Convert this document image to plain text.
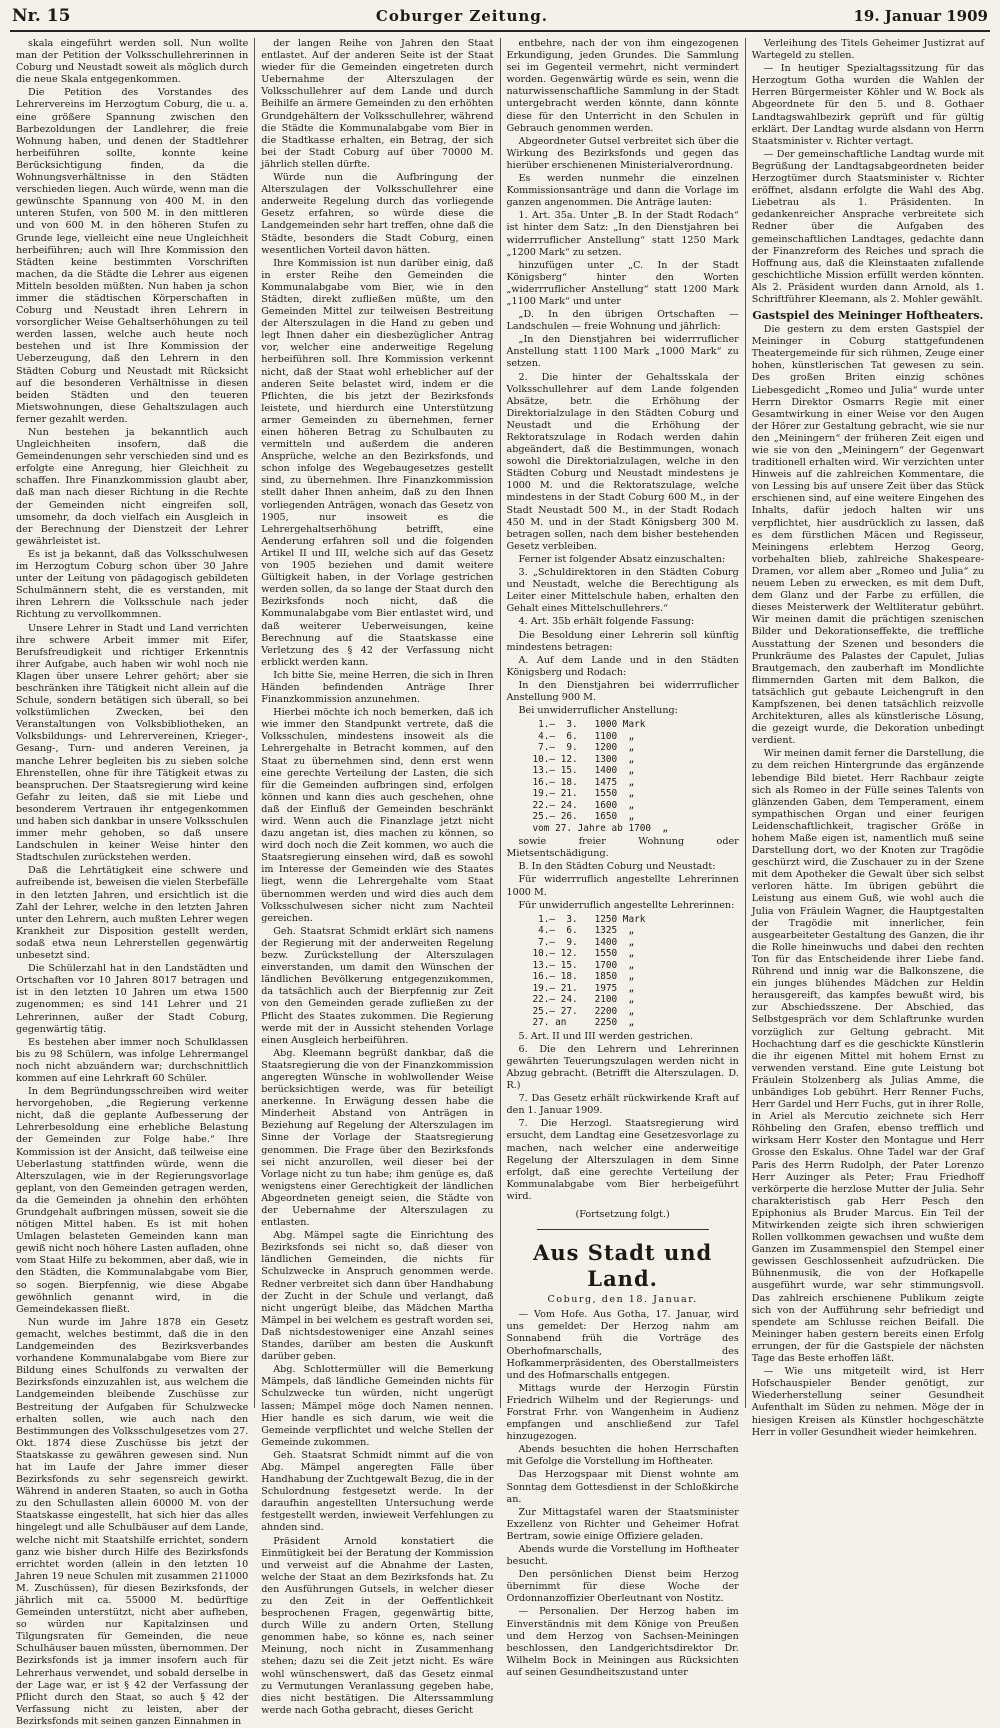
Nr. 15	Coburger Zeitung.	19. Januar 1909

skala eingeführt werden soll. Nun wollte man der Petition der Volksschullehrerinnen in Coburg und Neustadt soweit als möglich durch die neue Skala entgegenkommen.

Die Petition des Vorstandes des Lehrervereins im Herzogtum Coburg, die u. a. eine größere Spannung zwischen den Barbezoldungen der Landlehrer, die freie Wohnung haben, und denen der Stadtlehrer herbeiführen sollte, konnte keine Berücksichtigung finden, da die Wohnungsverhältnisse in den Städten verschieden liegen. Auch würde, wenn man die gewünschte Spannung von 400 M. in den unteren Stufen, von 500 M. in den mittleren und von 600 M. in den höheren Stufen zu Grunde lege, vielleicht eine neue Ungleichheit herbeiführen; auch will Ihre Kommission den Städten keine bestimmten Vorschriften machen, da die Städte die Lehrer aus eigenen Mitteln besolden müßten. Nun haben ja schon immer die städtischen Körperschaften in Coburg und Neustadt ihren Lehrern in vorsorglicher Weise Gehaltserhöhungen zu teil werden lassen, welche auch heute noch bestehen und ist Ihre Kommission der Ueberzeugung, daß den Lehrern in den Städten Coburg und Neustadt mit Rücksicht auf die besonderen Verhältnisse in diesen beiden Städten und den teueren Mietswohnungen, diese Gehaltszulagen auch ferner gezahlt werden.

Nun bestehen ja bekanntlich auch Ungleichheiten insofern, daß die Gemeindenungen sehr verschieden sind und es erfolgte eine Anregung, hier Gleichheit zu schaffen. Ihre Finanzkommission glaubt aber, daß man nach dieser Richtung in die Rechte der Gemeinden nicht eingreifen soll, umsomehr, da doch vielfach ein Ausgleich in der Berechnung der Dienstzeit der Lehrer gewährleistet ist.

Es ist ja bekannt, daß das Volksschulwesen im Herzogtum Coburg schon über 30 Jahre unter der Leitung von pädagogisch gebildeten Schulmännern steht, die es verstanden, mit ihren Lehrern die Volksschule nach jeder Richtung zu vervollkommnen.

Unsere Lehrer in Stadt und Land verrichten ihre schwere Arbeit immer mit Eifer, Berufsfreudigkeit und richtiger Erkenntnis ihrer Aufgabe, auch haben wir wohl noch nie Klagen über unsere Lehrer gehört; aber sie beschränken ihre Tätigkeit nicht allein auf die Schule, sondern betätigen sich überall, so bei volkstümlichen Zwecken, bei den Veranstaltungen von Volksbibliotheken, an Volksbildungs- und Lehrervereinen, Krieger-, Gesang-, Turn- und anderen Vereinen, ja manche Lehrer begleiten bis zu sieben solche Ehrenstellen, ohne für ihre Tätigkeit etwas zu beanspruchen. Der Staatsregierung wird keine Gefahr zu leiten, daß sie mit Liebe und besonderem Vertrauen ihr entgegenkommen und haben sich dankbar in unsere Volksschulen immer mehr gehoben, so daß unsere Landschulen in keiner Weise hinter den Stadtschulen zurückstehen werden.

Daß die Lehrtätigkeit eine schwere und aufreibende ist, beweisen die vielen Sterbefälle in den letzten Jahren, und ersichtlich ist die Zahl der Lehrer, welche in den letzten Jahren unter den Lehrern, auch mußten Lehrer wegen Krankheit zur Disposition gestellt werden, sodaß etwa neun Lehrerstellen gegenwärtig unbesetzt sind.

Die Schülerzahl hat in den Landstädten und Ortschaften vor 10 Jahren 8017 betragen und ist in den letzten 10 Jahren um etwa 1500 zugenommen; es sind 141 Lehrer und 21 Lehrerinnen, außer der Stadt Coburg, gegenwärtig tätig.

Es bestehen aber immer noch Schulklassen bis zu 98 Schülern, was infolge Lehrermangel noch nicht abzuändern war; durchschnittlich kommen auf eine Lehrkraft 60 Schüler.

In dem Begründungsschreiben wird weiter hervorgehoben, „die Regierung verkenne nicht, daß die geplante Aufbesserung der Lehrerbesoldung eine erhebliche Belastung der Gemeinden zur Folge habe.“ Ihre Kommission ist der Ansicht, daß teilweise eine Ueberlastung stattfinden würde, wenn die Alterszulagen, wie in der Regierungsvorlage geplant, von den Gemeinden getragen werden, da die Gemeinden ja ohnehin den erhöhten Grundgehalt aufbringen müssen, soweit sie die nötigen Mittel haben. Es ist mit hohen Umlagen belasteten Gemeinden kann man gewiß nicht noch höhere Lasten aufladen, ohne vom Staat Hilfe zu bekommen, aber daß, wie in den Städten, die Kommunalabgabe vom Bier, so sogen. Bierpfennig, wie diese Abgabe gewöhnlich genannt wird, in die Gemeindekassen fließt.

Nun wurde im Jahre 1878 ein Gesetz gemacht, welches bestimmt, daß die in den Landgemeinden des Bezirksverbandes vorhandene Kommunalabgabe vom Biere zur Bildung eines Schulfonds zu verwalten der Bezirksfonds einzuzahlen ist, aus welchem die Landgemeinden bleibende Zuschüsse zur Bestreitung der Aufgaben für Schulzwecke erhalten sollen, wie auch nach den Bestimmungen des Volksschulgesetzes vom 27. Okt. 1874 diese Zuschüsse bis jetzt der Staatskasse zu gewähren gewesen sind. Nun hat im Laufe der Jahre immer dieser Bezirksfonds zu sehr segensreich gewirkt. Während in anderen Staaten, so auch in Gotha zu den Schullasten allein 60000 M. von der Staatskasse eingestellt, hat sich hier das alles hingelegt und alle Schulbäuser auf dem Lande, welche nicht mit Staatshilfe errichtet, sondern ganz wie bisher durch Hilfe des Bezirksfonds errichtet worden (allein in den letzten 10 Jahren 19 neue Schulen mit zusammen 211000 M. Zuschüssen), für diesen Bezirksfonds, der jährlich mit ca. 55000 M. bedürftige Gemeinden unterstützt, nicht aber aufheben, so würden nur Kapitalzinsen und Tilgungsraten für Gemeinden, die neue Schulhäuser bauen müssten, übernommen. Der Bezirksfonds ist ja immer insofern auch für Lehrerhaus verwendet, und sobald derselbe in der Lage war, er ist § 42 der Verfassung der Pflicht durch den Staat, so auch § 42 der Verfassung nicht zu leisten, aber der Bezirksfonds mit seinen ganzen Einnahmen in

der langen Reihe von Jahren den Staat entlastet. Auf der anderen Seite ist der Staat wieder für die Gemeinden eingetreten durch Uebernahme der Alterszulagen der Volksschullehrer auf dem Lande und durch Beihilfe an ärmere Gemeinden zu den erhöhten Grundgehältern der Volksschullehrer, während die Städte die Kommunalabgabe vom Bier in die Stadtkasse erhalten, ein Betrag, der sich bei der Stadt Coburg auf über 70000 M. jährlich stellen dürfte.

Würde nun die Aufbringung der Alterszulagen der Volksschullehrer eine anderweite Regelung durch das vorliegende Gesetz erfahren, so würde diese die Landgemeinden sehr hart treffen, ohne daß die Städte, besonders die Stadt Coburg, einen wesentlichen Vorteil davon hätten.

Ihre Kommission ist nun darüber einig, daß in erster Reihe den Gemeinden die Kommunalabgabe vom Bier, wie in den Städten, direkt zufließen müßte, um den Gemeinden Mittel zur teilweisen Bestreitung der Alterszulagen in die Hand zu geben und legt Ihnen daher ein diesbezüglicher Antrag vor, welcher eine anderweitige Regelung herbeiführen soll. Ihre Kommission verkennt nicht, daß der Staat wohl erheblicher auf der anderen Seite belastet wird, indem er die Pflichten, die bis jetzt der Bezirksfonds leistete, und hierdurch eine Unterstützung armer Gemeinden zu übernehmen, ferner einen höheren Betrag zu Schulbauten zu vermitteln und außerdem die anderen Ansprüche, welche an den Bezirksfonds, und schon infolge des Wegebaugesetzes gestellt sind, zu übernehmen. Ihre Finanzkommission stellt daher Ihnen anheim, daß zu den Ihnen vorliegenden Anträgen, wonach das Gesetz von 1905, nur insoweit es die Lehrergehaltserhöhung betrifft, eine Aenderung erfahren soll und die folgenden Artikel II und III, welche sich auf das Gesetz von 1905 beziehen und damit weitere Gültigkeit haben, in der Vorlage gestrichen werden sollen, da so lange der Staat durch den Bezirksfonds noch nicht, daß die Kommunalabgabe vom Bier entlastet wird, und daß weiterer Ueberweisungen, keine Berechnung auf die Staatskasse eine Verletzung des § 42 der Verfassung nicht erblickt werden kann.

Ich bitte Sie, meine Herren, die sich in Ihren Händen befindenden Anträge Ihrer Finanzkommission anzunehmen.

Hierbei möchte ich noch bemerken, daß ich wie immer den Standpunkt vertrete, daß die Volksschulen, mindestens insoweit als die Lehrergehalte in Betracht kommen, auf den Staat zu übernehmen sind, denn erst wenn eine gerechte Verteilung der Lasten, die sich für die Gemeinden aufbringen sind, erfolgen können und kann dies auch geschehen, ohne daß der Einfluß der Gemeinden beschränkt wird. Wenn auch die Finanzlage jetzt nicht dazu angetan ist, dies machen zu können, so wird doch noch die Zeit kommen, wo auch die Staatsregierung einsehen wird, daß es sowohl im Interesse der Gemeinden wie des Staates liegt, wenn die Lehrergehalte vom Staat übernommen werden und wird dies auch dem Volksschulwesen sicher nicht zum Nachteil gereichen.

Geh. Staatsrat Schmidt erklärt sich namens der Regierung mit der anderweiten Regelung bezw. Zurückstellung der Alterszulagen einverstanden, um damit den Wünschen der ländlichen Bevölkerung entgegenzukommen, da tatsächlich auch der Bierpfennig zur Zeit von den Gemeinden gerade zufließen zu der Pflicht des Staates zukommen. Die Regierung werde mit der in Aussicht stehenden Vorlage einen Ausgleich herbeiführen.

Abg. Kleemann begrüßt dankbar, daß die Staatsregierung die von der Finanzkommission angeregten Wünsche in wohlwollender Weise berücksichtigen werde, was für beteiligt anerkenne. In Erwägung dessen habe die Minderheit Abstand von Anträgen in Beziehung auf Regelung der Alterszulagen im Sinne der Vorlage der Staatsregierung genommen. Die Frage über den Bezirksfonds sei nicht anzurollen, weil dieser bei der Vorlage nicht zu tun habe; ihm genüge es, daß wenigstens einer Gerechtigkeit der ländlichen Abgeordneten geneigt seien, die Städte von der Uebernahme der Alterszulagen zu entlasten.

Abg. Mämpel sagte die Einrichtung des Bezirksfonds sei nicht so, daß dieser von ländlichen Gemeinden, die nichts für Schulzwecke in Anspruch genommen werde. Redner verbreitet sich dann über Handhabung der Zucht in der Schule und verlangt, daß nicht ungerügt bleibe, das Mädchen Martha Mämpel in bei welchem es gestraft worden sei, Daß nichtsdestoweniger eine Anzahl seines Standes, darüber am besten die Auskunft darüber geben.

Abg. Schlottermüller will die Bemerkung Mämpels, daß ländliche Gemeinden nichts für Schulzwecke tun würden, nicht ungerügt lassen; Mämpel möge doch Namen nennen. Hier handle es sich darum, wie weit die Gemeinde verpflichtet und welche Stellen der Gemeinde zukommen.

Geh. Staatsrat Schmidt nimmt auf die von Abg. Mämpel angeregten Fälle über Handhabung der Zuchtgewalt Bezug, die in der Schulordnung festgesetzt werde. In der daraufhin angestellten Untersuchung werde festgestellt werden, inwieweit Verfehlungen zu ahnden sind.

Präsident Arnold konstatiert die Einmütigkeit bei der Beratung der Kommission und verweist auf die Abnahme der Lasten, welche der Staat an dem Bezirksfonds hat. Zu den Ausführungen Gutsels, in welcher dieser zu den Zeit in der Oeffentlichkeit besprochenen Fragen, gegenwärtig bitte, durch Wille zu andern Orten, Stellung genommen habe, so könne es, nach seiner Meinung, noch nicht in Zusammenhang stehen; dazu sei die Zeit jetzt nicht. Es wäre wohl wünschenswert, daß das Gesetz einmal zu Vermutungen Veranlassung gegeben habe, dies nicht bestätigen. Die Alterssammlung werde nach Gotha gebracht, dieses Gericht

entbehre, nach der von ihm eingezogenen Erkundigung, jeden Grundes. Die Sammlung sei im Gegenteil vermehrt, nicht vermindert worden. Gegenwärtig würde es sein, wenn die naturwissenschaftliche Sammlung in der Stadt untergebracht werden könnte, dann könnte diese für den Unterricht in den Schulen in Gebrauch genommen werden.

Abgeordneter Gutsel verbreitet sich über die Wirkung des Bezirksfonds und gegen das hierüber erschienenen Ministerialverordnung.

Es werden nunmehr die einzelnen Kommissionsanträge und dann die Vorlage im ganzen angenommen. Die Anträge lauten:

1. Art. 35a. Unter „B. In der Stadt Rodach“ ist hinter dem Satz: „In den Dienstjahren bei widerrruflicher Anstellung“ statt 1250 Mark „1200 Mark“ zu setzen.

hinzufügen unter „C. In der Stadt Königsberg“ hinter den Worten „widerrruflicher Anstellung“ statt 1200 Mark „1100 Mark“ und unter

„D. In den übrigen Ortschaften — Landschulen — freie Wohnung und jährlich:

„In den Dienstjahren bei widerrruflicher Anstellung statt 1100 Mark „1000 Mark“ zu setzen.

2. Die hinter der Gehaltsskala der Volksschullehrer auf dem Lande folgenden Absätze, betr. die Erhöhung der Direktorialzulage in den Städten Coburg und Neustadt und die Erhöhung der Rektoratszulage in Rodach werden dahin abgeändert, daß die Bestimmungen, wonach sowohl die Direktorialzulagen, welche in den Städten Coburg und Neustadt mindestens je 1000 M. und die Rektoratszulage, welche mindestens in der Stadt Coburg 600 M., in der Stadt Neustadt 500 M., in der Stadt Rodach 450 M. und in der Stadt Königsberg 300 M. betragen sollen, nach dem bisher bestehenden Gesetz verbleiben.

Ferner ist folgender Absatz einzuschalten:

3. „Schuldirektoren in den Städten Coburg und Neustadt, welche die Berechtigung als Leiter einer Mittelschule haben, erhalten den Gehalt eines Mittelschullehrers.“

4. Art. 35b erhält folgende Fassung:

Die Besoldung einer Lehrerin soll künftig mindestens betragen:

A. Auf dem Lande und in den Städten Königsberg und Rodach:

In den Dienstjahren bei widerrruflicher Anstellung 900 M.

Bei unwiderruflicher Anstellung:

1.—  3.   1000 Mark
4.—  6.   1100  „
7.—  9.   1200  „
10.— 12.   1300  „
13.— 15.   1400  „
16.— 18.   1475  „
19.— 21.   1550  „
22.— 24.   1600  „
25.— 26.   1650  „
vom 27. Jahre ab 1700  „

sowie freier Wohnung oder Mietsentschädigung.

B. In den Städten Coburg und Neustadt:

Für widerrruflich angestellte Lehrerinnen 1000 M.

Für unwiderruflich angestellte Lehrerinnen:

1.—  3.   1250 Mark
4.—  6.   1325  „
7.—  9.   1400  „
10.— 12.   1550  „
13.— 15.   1700  „
16.— 18.   1850  „
19.— 21.   1975  „
22.— 24.   2100  „
25.— 27.   2200  „
27. an     2250  „

5. Art. II und III werden gestrichen.

6. Die den Lehrern und Lehrerinnen gewährten Teuerungszulagen werden nicht in Abzug gebracht. (Betrifft die Alterszulagen. D. R.)

7. Das Gesetz erhält rückwirkende Kraft auf den 1. Januar 1909.

7. Die Herzogl. Staatsregierung wird ersucht, dem Landtag eine Gesetzesvorlage zu machen, nach welcher eine anderweitige Regelung der Alterszulagen in dem Sinne erfolgt, daß eine gerechte Verteilung der Kommunalabgabe vom Bier herbeigeführt wird.

(Fortsetzung folgt.)
Aus Stadt und Land.
Coburg, den 18. Januar.

— Vom Hofe. Aus Gotha, 17. Januar, wird uns gemeldet: Der Herzog nahm am Sonnabend früh die Vorträge des Oberhofmarschalls, des Hofkammerpräsidenten, des Oberstallmeisters und des Hofmarschalls entgegen.

Mittags wurde der Herzogin Fürstin Friedrich Wilhelm und der Regierungs- und Forstrat Frhr. von Wangenheim in Audienz empfangen und anschließend zur Tafel hinzugezogen.

Abends besuchten die hohen Herrschaften mit Gefolge die Vorstellung im Hoftheater.

Das Herzogspaar mit Dienst wohnte am Sonntag dem Gottesdienst in der Schloßkirche an.

Zur Mittagstafel waren der Staatsminister Exzellenz von Richter und Geheimer Hofrat Bertram, sowie einige Offiziere geladen.

Abends wurde die Vorstellung im Hoftheater besucht.

Den persönlichen Dienst beim Herzog übernimmt für diese Woche der Ordonnanzoffizier Oberleutnant von Nostitz.

— Personalien. Der Herzog haben im Einverständnis mit dem Könige von Preußen und dem Herzog von Sachsen-Meiningen beschlossen, den Landgerichtsdirektor Dr. Wilhelm Bock in Meiningen aus Rücksichten auf seinen Gesundheitszustand unter

Verleihung des Titels Geheimer Justizrat auf Wartegeld zu stellen.

— In heutiger Spezialtagssitzung für das Herzogtum Gotha wurden die Wahlen der Herren Bürgermeister Köhler und W. Bock als Abgeordnete für den 5. und 8. Gothaer Landtagswahlbezirk geprüft und für gültig erklärt. Der Landtag wurde alsdann von Herrn Staatsminister v. Richter vertagt.

— Der gemeinschaftliche Landtag wurde mit Begrüßung der Landtagsabgeordneten beider Herzogtümer durch Staatsminister v. Richter eröffnet, alsdann erfolgte die Wahl des Abg. Liebetrau als 1. Präsidenten. In gedankenreicher Ansprache verbreitete sich Redner über die Aufgaben des gemeinschaftlichen Landtages, gedachte dann der Finanzreform des Reiches und sprach die Hoffnung aus, daß die Kleinstaaten zufallende geschichtliche Mission erfüllt werden könnten. Als 2. Präsident wurden dann Arnold, als 1. Schriftführer Kleemann, als 2. Mohler gewählt.

Gastspiel des Meininger Hoftheaters.

Die gestern zu dem ersten Gastspiel der Meininger in Coburg stattgefundenen Theatergemeinde für sich rühmen, Zeuge einer hohen, künstlerischen Tat gewesen zu sein. Des großen Briten einzig schönes Liebesgedicht „Romeo und Julia“ wurde unter Herrn Direktor Osmarrs Regie mit einer Gesamtwirkung in einer Weise vor den Augen der Hörer zur Gestaltung gebracht, wie sie nur den „Meiningern“ der früheren Zeit eigen und wie sie von den „Meiningern“ der Gegenwart traditionell erhalten wird. Wir verzichten unter Hinweis auf die zahlreichen Kommentare, die von Lessing bis auf unsere Zeit über das Stück erschienen sind, auf eine weitere Eingehen des Inhalts, dafür jedoch halten wir uns verpflichtet, hier ausdrücklich zu lassen, daß es dem fürstlichen Mäcen und Regisseur, Meiningens erlebtem Herzog Georg, vorbehalten blieb, zahlreiche Shakespeare-Dramen, vor allem aber „Romeo und Julia“ zu neuem Leben zu erwecken, es mit dem Duft, dem Glanz und der Farbe zu erfüllen, die dieses Meisterwerk der Weltliteratur gebührt. Wir meinen damit die prächtigen szenischen Bilder und Dekorationseffekte, die treffliche Ausstattung der Szenen und besonders die Prunkräume des Palastes der Capulet, Julias Brautgemach, den zauberhaft im Mondlichte flimmernden Garten mit dem Balkon, die tatsächlich gut gebaute Leichengruft in den Kampfszenen, bei denen tatsächlich reizvolle Architekturen, alles als künstlerische Lösung, die gezeigt wurde, die Dekoration unbedingt verdient.

Wir meinen damit ferner die Darstellung, die zu dem reichen Hintergrunde das ergänzende lebendige Bild bietet. Herr Rachbaur zeigte sich als Romeo in der Fülle seines Talents von glänzenden Gaben, dem Temperament, einem sympathischen Organ und einer feurigen Leidenschaftlichkeit, tragischer Größe in hohem Maße eigen ist, namentlich muß seine Darstellung dort, wo der Knoten zur Tragödie geschürzt wird, die Zuschauer zu in der Szene mit dem Apotheker die Gewalt über sich selbst verloren hätte. Im übrigen gebührt die Leistung aus einem Guß, wie wohl auch die Julia von Fräulein Wagner, die Hauptgestalten der Tragödie mit innerlicher, fein ausgearbeiteter Gestaltung des Ganzen, die ihr die Rolle hineinwuchs und dabei den rechten Ton für das Entscheidende ihrer Liebe fand. Rührend und innig war die Balkonszene, die ein junges blühendes Mädchen zur Heldin herausgereift, das kampfes bewußt wird, bis zur Abschiedsszene. Der Abschied, das Selbstgespräch vor dem Schlaftrunke wurden vorzüglich zur Geltung gebracht. Mit Hochachtung darf es die geschickte Künstlerin die ihr eigenen Mittel mit hohem Ernst zu verwenden verstand. Eine gute Leistung bot Fräulein Stolzenberg als Julias Amme, die unbändiges Lob gebührt. Herr Renner Fuchs, Herr Gardel und Herr Fuchs, gut in ihrer Rolle, in Ariel als Mercutio zeichnete sich Herr Röhbeling den Grafen, ebenso trefflich und wirksam Herr Koster den Montague und Herr Grosse den Eskalus. Ohne Tadel war der Graf Paris des Herrn Rudolph, der Pater Lorenzo Herr Auzinger als Peter; Frau Friedhoff verkörperte die herzlose Mutter der Julia. Sehr charakteristisch gab Herr Pesch den Epiphonius als Bruder Marcus. Ein Teil der Mitwirkenden zeigte sich ihren schwierigen Rollen vollkommen gewachsen und wußte dem Ganzen im Zusammenspiel den Stempel einer gewissen Geschlossenheit aufzudrücken. Die Bühnenmusik, die von der Hofkapelle ausgeführt wurde, war sehr stimmungsvoll. Das zahlreich erschienene Publikum zeigte sich von der Aufführung sehr befriedigt und spendete am Schlusse reichen Beifall. Die Meininger haben gestern bereits einen Erfolg errungen, der für die Gastspiele der nächsten Tage das Beste erhoffen läßt.

— Wie uns mitgeteilt wird, ist Herr Hofschauspieler Bender genötigt, zur Wiederherstellung seiner Gesundheit Aufenthalt im Süden zu nehmen. Möge der in hiesigen Kreisen als Künstler hochgeschätzte Herr in voller Gesundheit wieder heimkehren.
